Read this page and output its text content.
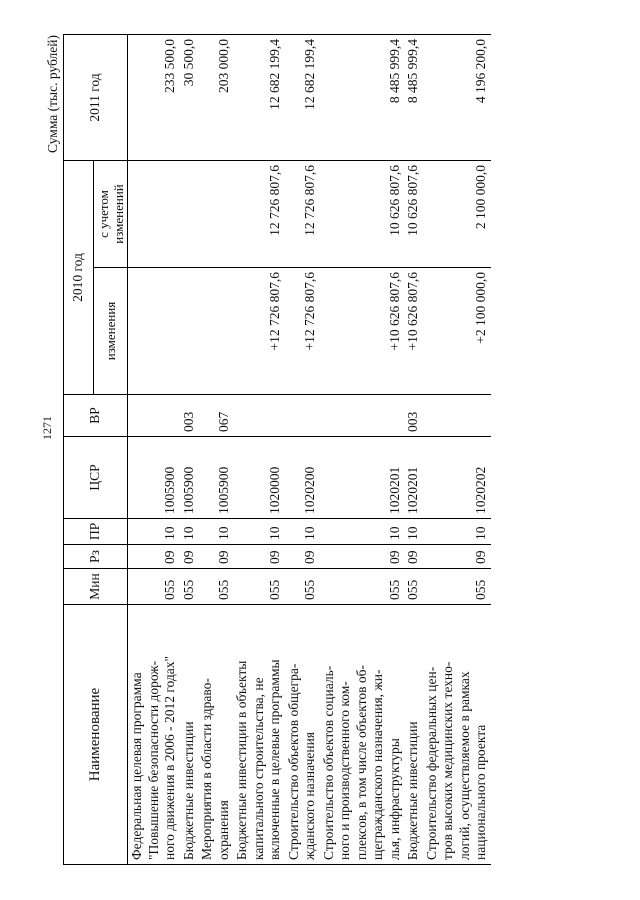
1271
Сумма (тыс. рублей)
Наименование	Мин	Рз	ПР	ЦСР	ВР	2010 год		2011 год
						изменения	с учетом изменений	
Федеральная целевая программа
"Повышение безопасности дорож-
ного движения в 2006 - 2012 годах"	055	09	10	1005900				233 500,0
Бюджетные инвестиции	055	09	10	1005900	003			30 500,0
Мероприятия в области здраво-
охранения	055	09	10	1005900	067			203 000,0
Бюджетные инвестиции в объекты
капитального строительства, не
включенные в целевые программы	055	09	10	1020000		+12 726 807,6	12 726 807,6	12 682 199,4
Строительство объектов общегра-
жданского назначения	055	09	10	1020200		+12 726 807,6	12 726 807,6	12 682 199,4
Строительство объектов социаль-
ного и производственного ком-
плексов, в том числе объектов об-
щегражданского назначения, жи-
лья, инфраструктуры	055	09	10	1020201		+10 626 807,6	10 626 807,6	8 485 999,4
Бюджетные инвестиции	055	09	10	1020201	003	+10 626 807,6	10 626 807,6	8 485 999,4
Строительство федеральных цен-
тров высоких медицинских техно-
логий, осуществляемое в рамках
национального проекта	055	09	10	1020202		+2 100 000,0	2 100 000,0	4 196 200,0
